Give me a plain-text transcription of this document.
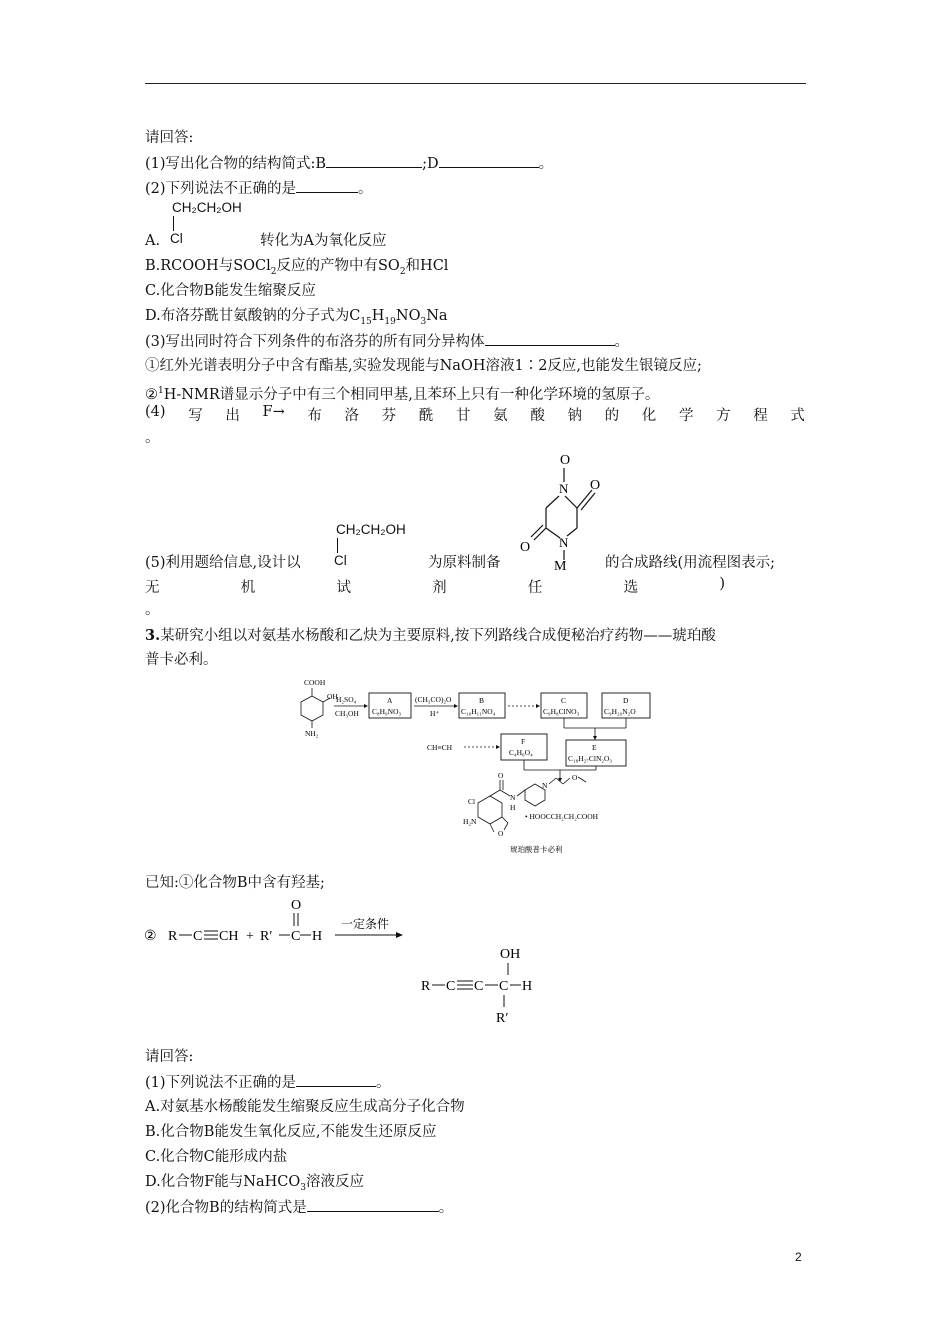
请回答:
(1)写出化合物的结构简式:B	;D	。
(2)下列说法不正确的是	。
CH₂CH₂OH
A. Cl	转化为A为氧化反应
B.RCOOH与SOCl$_2$反应的产物中有$SO_2$和HCl
C.化合物B能发生缩聚反应
D.布洛芬酰甘氨酸钠的分子式为$C_{15}H_{19}NO_3Na$
(3)写出同时符合下列条件的布洛芬的所有同分异构体	。
①红外光谱表明分子中含有酯基,实验发现能与NaOH溶液1∶2反应,也能发生银镜反应;
②$^1$H-NMR谱显示分子中有三个相同甲基,且苯环上只有一种化学环境的氢原子。
(4) 写 出 F→ 布 洛 芬 酰 甘 氨 酸 钠 的 化 学 方 程 式
。
O
N O
N
O
M
CH₂CH₂OH
Cl
(5)利用题给信息,设计以	为原料制备	的合成路线(用流程图表示;
无	机	试	剂	任	选	)
。
3.某研究小组以对氨基水杨酸和乙炔为主要原料,按下列路线合成便秘治疗药物——琥珀酸
普卡必利。
COOH
OH
NH₂
H₂SO₄
CH₃OH
A
C₈H₉NO₃
(CH₃CO)₂O
H⁺
B
C₁₀H₁₁NO₄
C
C₉H₈ClNO₃
D
C₉H₂₀N₂O
CH≡CH
F
C₄H₆O₄
E
C₁₈H₂₇ClN₂O₃
O
Cl
H₂N
O
N
H
N
O
• HOOCCH₂CH₂COOH
琥珀酸普卡必利
已知:①化合物B中含有羟基;
② R C CH + R′ C H
O
一定条件
OH
R C C C H
R′
请回答:
(1)下列说法不正确的是	。
A.对氨基水杨酸能发生缩聚反应生成高分子化合物
B.化合物B能发生氧化反应,不能发生还原反应
C.化合物C能形成内盐
D.化合物F能与NaHCO$_3$溶液反应
(2)化合物B的结构简式是	。
2
